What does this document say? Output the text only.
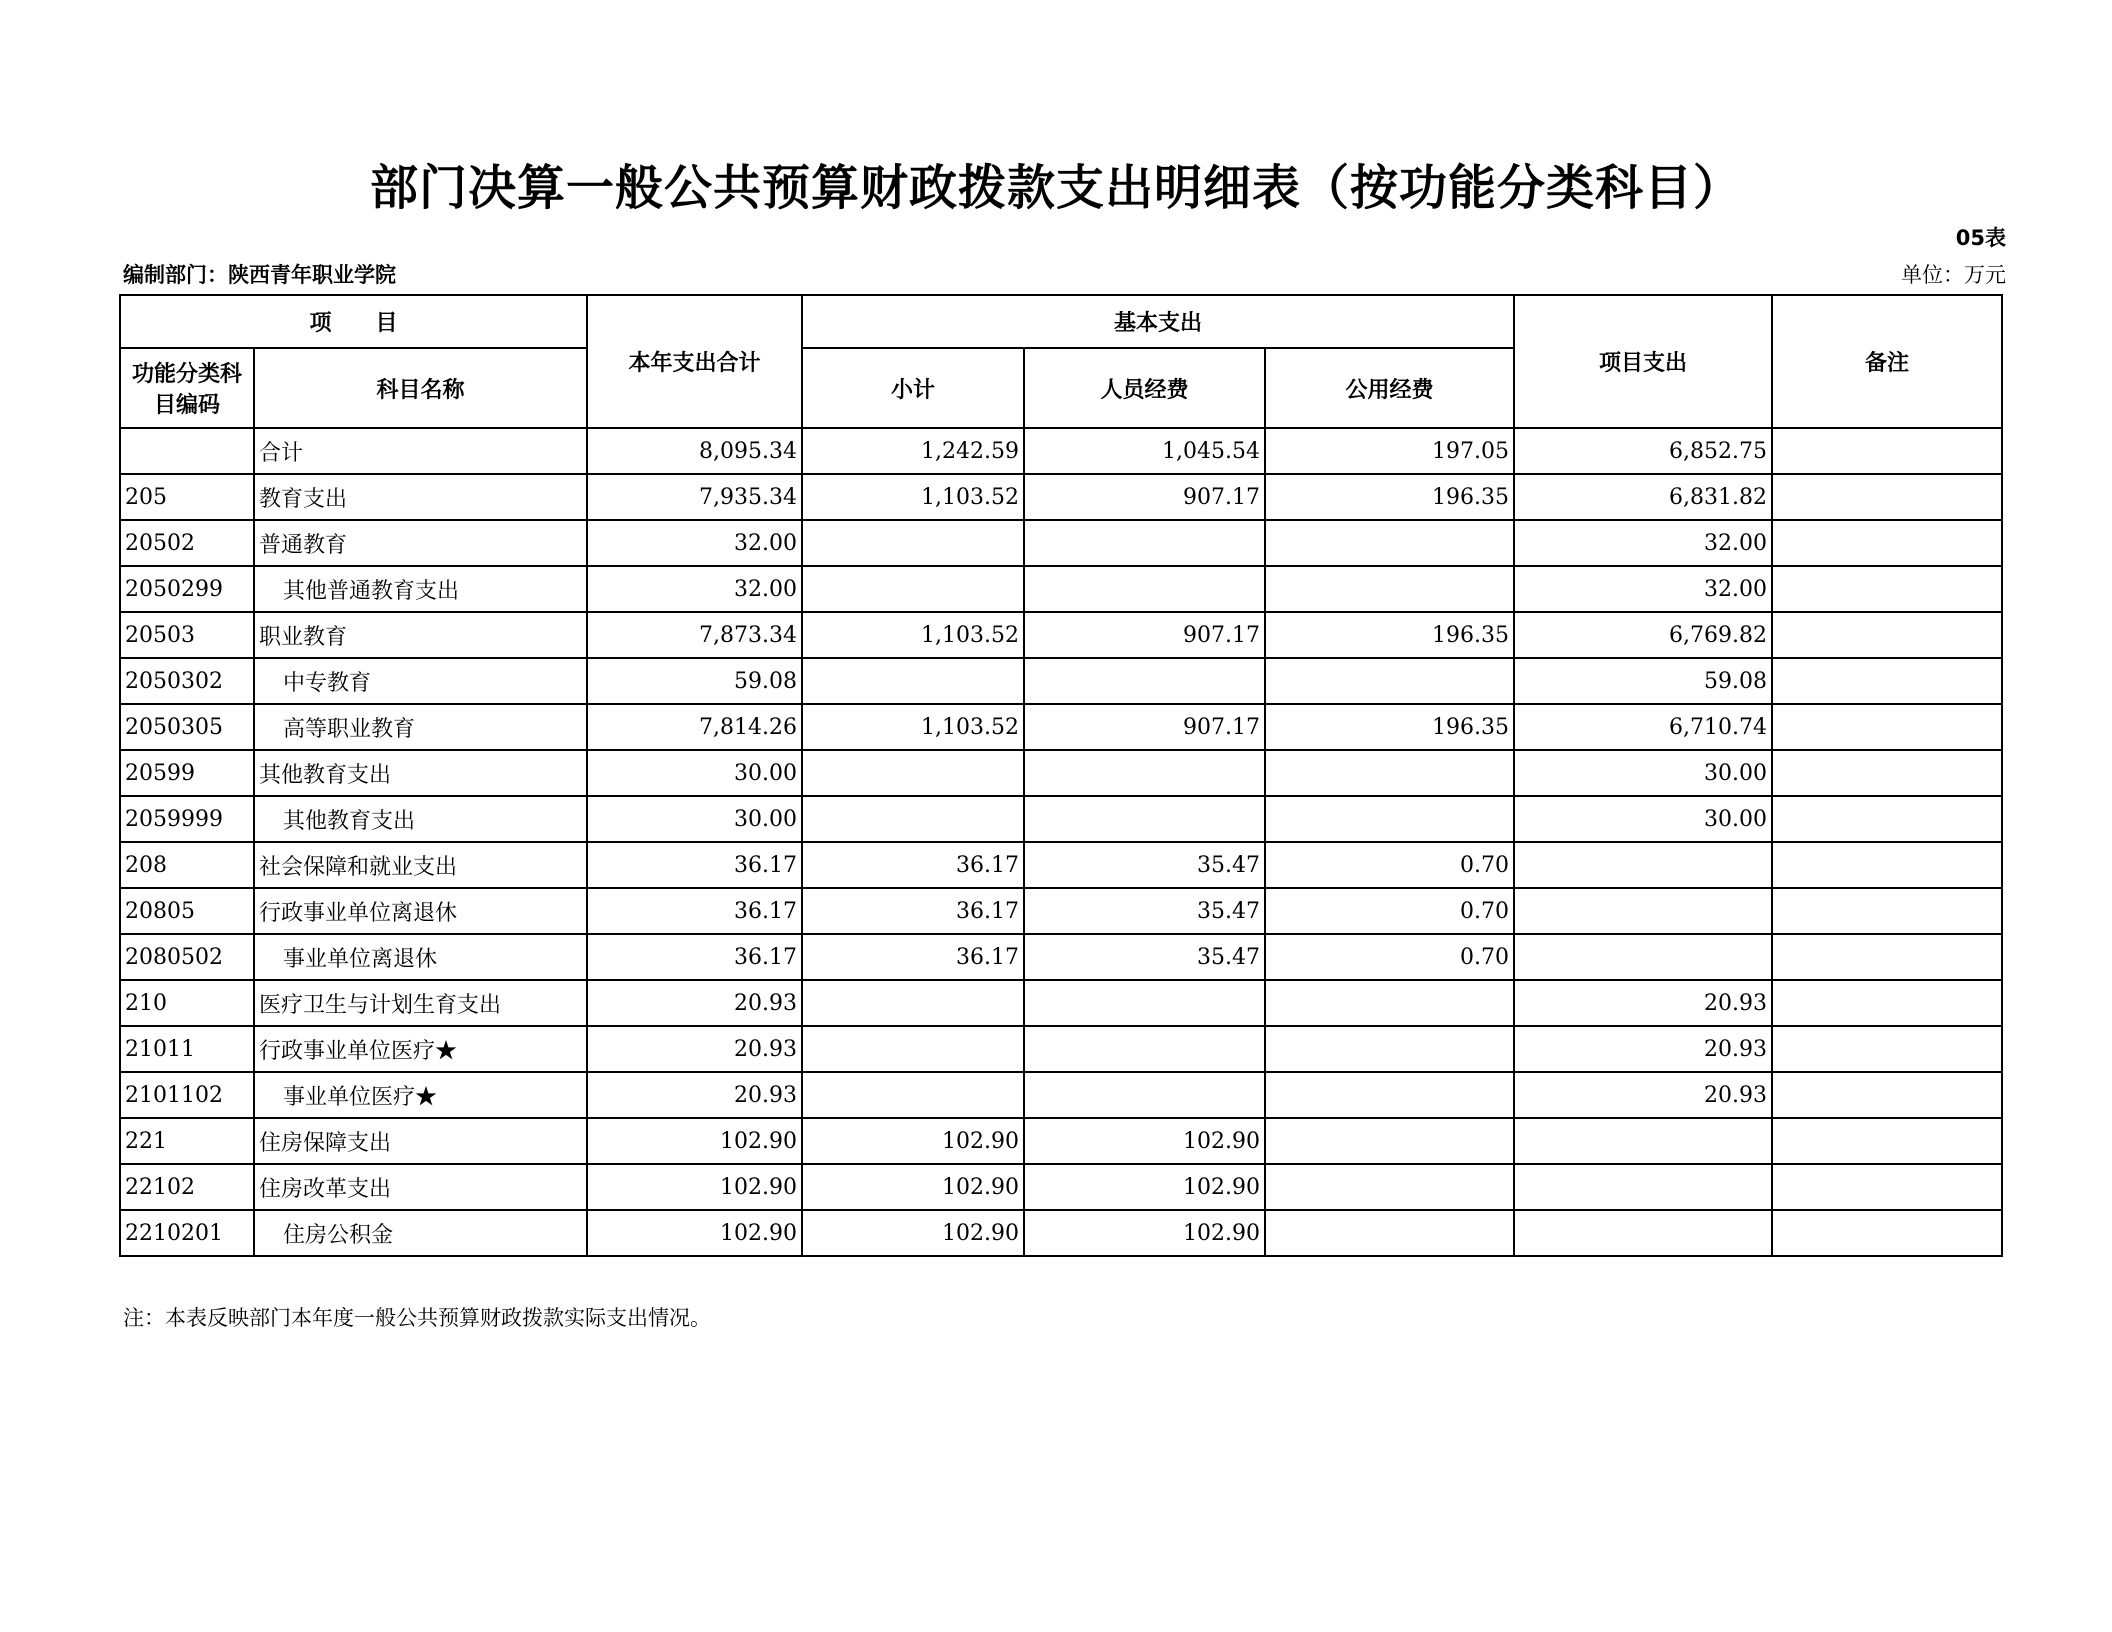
部门决算一般公共预算财政拨款支出明细表（按功能分类科目）
05表
编制部门：陕西青年职业学院	单位：万元
项　　目		本年支出合计	基本支出			项目支出	备注
功能分类科目编码	科目名称		小计	人员经费	公用经费		
	合计	8,095.34	1,242.59	1,045.54	197.05	6,852.75	
205	教育支出	7,935.34	1,103.52	907.17	196.35	6,831.82	
20502	普通教育	32.00				32.00	
2050299	其他普通教育支出	32.00				32.00	
20503	职业教育	7,873.34	1,103.52	907.17	196.35	6,769.82	
2050302	中专教育	59.08				59.08	
2050305	高等职业教育	7,814.26	1,103.52	907.17	196.35	6,710.74	
20599	其他教育支出	30.00				30.00	
2059999	其他教育支出	30.00				30.00	
208	社会保障和就业支出	36.17	36.17	35.47	0.70		
20805	行政事业单位离退休	36.17	36.17	35.47	0.70		
2080502	事业单位离退休	36.17	36.17	35.47	0.70		
210	医疗卫生与计划生育支出	20.93				20.93	
21011	行政事业单位医疗★	20.93				20.93	
2101102	事业单位医疗★	20.93				20.93	
221	住房保障支出	102.90	102.90	102.90			
22102	住房改革支出	102.90	102.90	102.90			
2210201	住房公积金	102.90	102.90	102.90			
注：本表反映部门本年度一般公共预算财政拨款实际支出情况。
